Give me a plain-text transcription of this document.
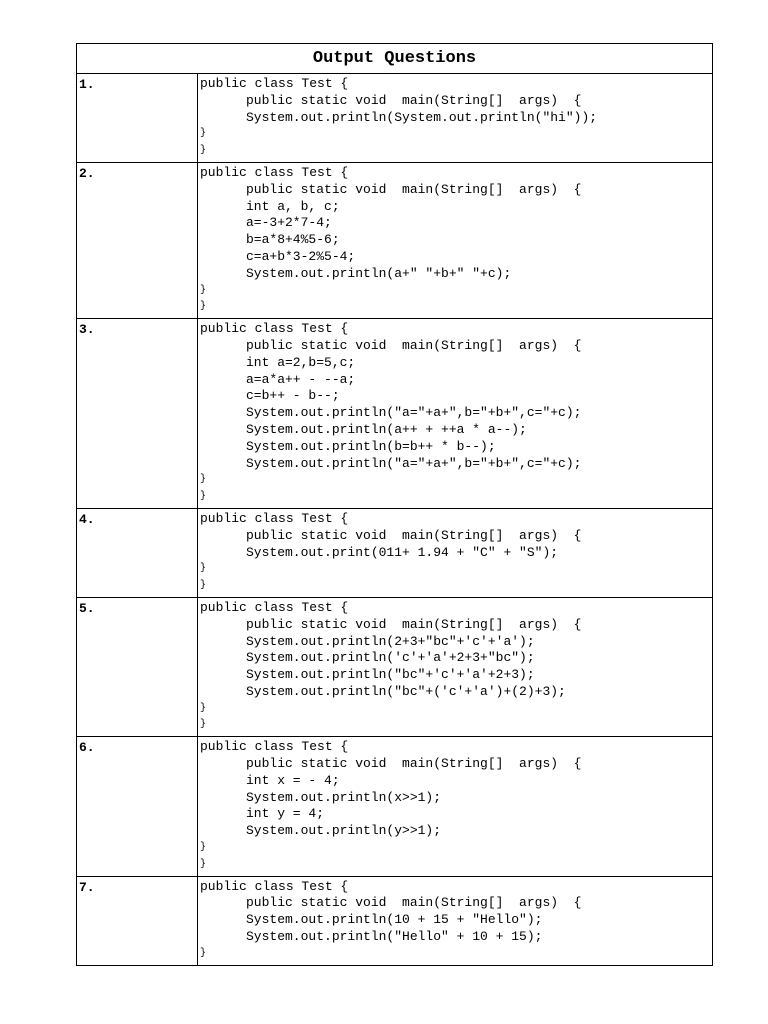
Output Questions
1.	public class Test {
public static void  main(String[]  args)  {
System.out.println(System.out.println("hi"));
}
}
2.	public class Test {
public static void  main(String[]  args)  {
int a, b, c;
a=-3+2*7-4;
b=a*8+4%5-6;
c=a+b*3-2%5-4;
System.out.println(a+" "+b+" "+c);
}
}
3.	public class Test {
public static void  main(String[]  args)  {
int a=2,b=5,c;
a=a*a++ - --a;
c=b++ - b--;
System.out.println("a="+a+",b="+b+",c="+c);
System.out.println(a++ + ++a * a--);
System.out.println(b=b++ * b--);
System.out.println("a="+a+",b="+b+",c="+c);
}
}
4.	public class Test {
public static void  main(String[]  args)  {
System.out.print(011+ 1.94 + "C" + "S");
}
}
5.	public class Test {
public static void  main(String[]  args)  {
System.out.println(2+3+"bc"+'c'+'a');
System.out.println('c'+'a'+2+3+"bc");
System.out.println("bc"+'c'+'a'+2+3);
System.out.println("bc"+('c'+'a')+(2)+3);
}
}
6.	public class Test {
public static void  main(String[]  args)  {
int x = - 4;
System.out.println(x>>1);
int y = 4;
System.out.println(y>>1);
}
}
7.	public class Test {
public static void  main(String[]  args)  {
System.out.println(10 + 15 + "Hello");
System.out.println("Hello" + 10 + 15);
}
